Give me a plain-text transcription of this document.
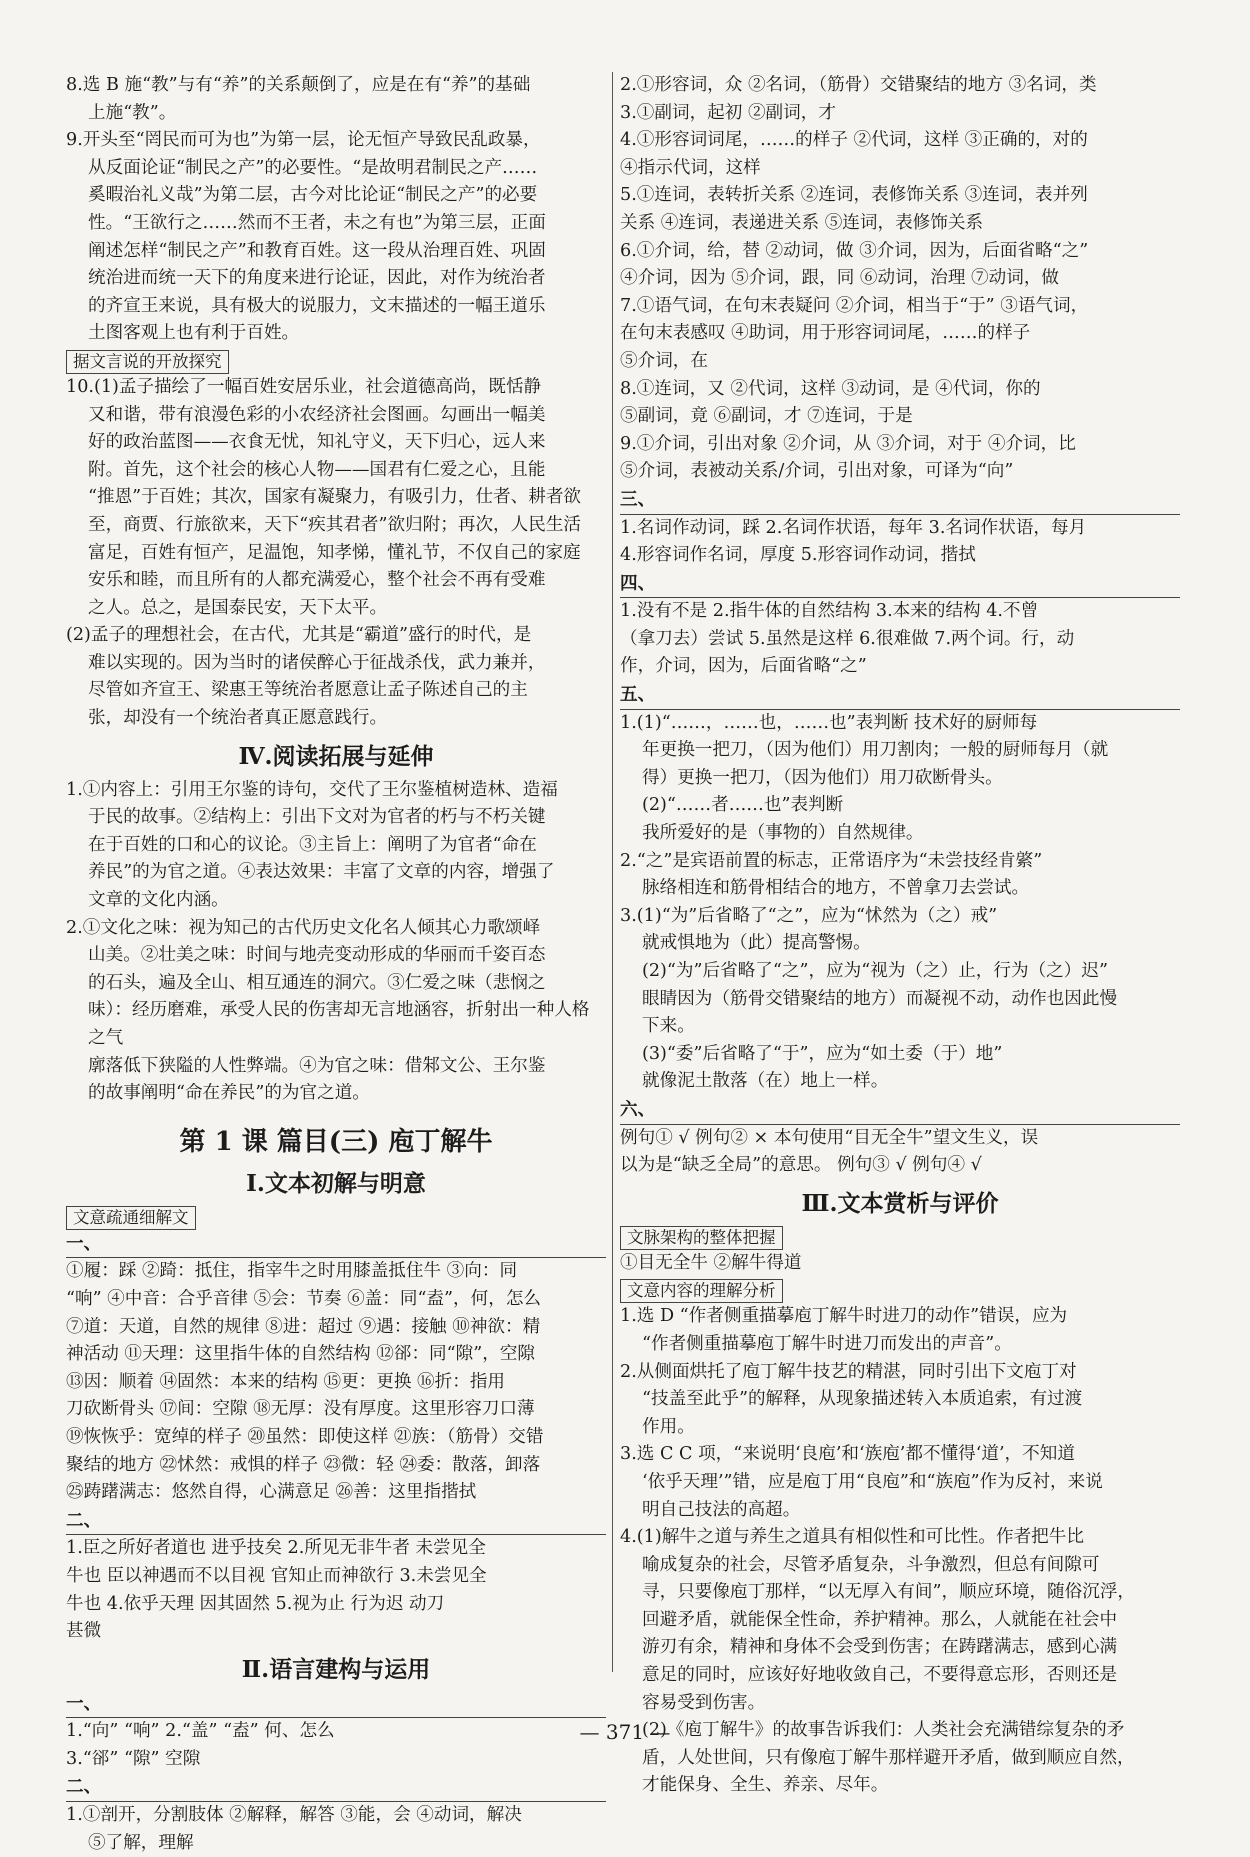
8.选 B 施“教”与有“养”的关系颠倒了，应是在有“养”的基础

上施“教”。

9.开头至“罔民而可为也”为第一层，论无恒产导致民乱政暴，

从反面论证“制民之产”的必要性。“是故明君制民之产……

奚暇治礼义哉”为第二层，古今对比论证“制民之产”的必要

性。“王欲行之……然而不王者，未之有也”为第三层，正面

阐述怎样“制民之产”和教育百姓。这一段从治理百姓、巩固

统治进而统一天下的角度来进行论证，因此，对作为统治者

的齐宣王来说，具有极大的说服力，文末描述的一幅王道乐

土图客观上也有利于百姓。

据文言说的开放探究

10.(1)孟子描绘了一幅百姓安居乐业，社会道德高尚，既恬静

又和谐，带有浪漫色彩的小农经济社会图画。勾画出一幅美

好的政治蓝图——衣食无忧，知礼守义，天下归心，远人来

附。首先，这个社会的核心人物——国君有仁爱之心，且能

“推恩”于百姓；其次，国家有凝聚力，有吸引力，仕者、耕者欲

至，商贾、行旅欲来，天下“疾其君者”欲归附；再次，人民生活

富足，百姓有恒产，足温饱，知孝悌，懂礼节，不仅自己的家庭

安乐和睦，而且所有的人都充满爱心，整个社会不再有受难

之人。总之，是国泰民安，天下太平。

(2)孟子的理想社会，在古代，尤其是“霸道”盛行的时代，是

难以实现的。因为当时的诸侯醉心于征战杀伐，武力兼并，

尽管如齐宣王、梁惠王等统治者愿意让孟子陈述自己的主

张，却没有一个统治者真正愿意践行。

Ⅳ.阅读拓展与延伸

1.①内容上：引用王尔鉴的诗句，交代了王尔鉴植树造林、造福

于民的故事。②结构上：引出下文对为官者的朽与不朽关键

在于百姓的口和心的议论。③主旨上：阐明了为官者“命在

养民”的为官之道。④表达效果：丰富了文章的内容，增强了

文章的文化内涵。

2.①文化之味：视为知己的古代历史文化名人倾其心力歌颂峄

山美。②壮美之味：时间与地壳变动形成的华丽而千姿百态

的石头，遍及全山、相互通连的洞穴。③仁爱之味（悲悯之

味）：经历磨难，承受人民的伤害却无言地涵容，折射出一种人格之气

廓落低下狭隘的人性弊端。④为官之味：借邾文公、王尔鉴

的故事阐明“命在养民”的为官之道。

第 1 课 篇目(三) 庖丁解牛
Ⅰ.文本初解与明意
文意疏通细解文
一、

①履：踩 ②踦：抵住，指宰牛之时用膝盖抵住牛 ③向：同

“响” ④中音：合乎音律 ⑤会：节奏 ⑥盖：同“盍”，何，怎么

⑦道：天道，自然的规律 ⑧进：超过 ⑨遇：接触 ⑩神欲：精

神活动 ⑪天理：这里指牛体的自然结构 ⑫郤：同“隙”，空隙

⑬因：顺着 ⑭固然：本来的结构 ⑮更：更换 ⑯折：指用

刀砍断骨头 ⑰间：空隙 ⑱无厚：没有厚度。这里形容刀口薄

⑲恢恢乎：宽绰的样子 ⑳虽然：即使这样 ㉑族：（筋骨）交错

聚结的地方 ㉒怵然：戒惧的样子 ㉓微：轻 ㉔委：散落，卸落

㉕踌躇满志：悠然自得，心满意足 ㉖善：这里指揩拭

二、

1.臣之所好者道也 进乎技矣 2.所见无非牛者 未尝见全

牛也 臣以神遇而不以目视 官知止而神欲行 3.未尝见全

牛也 4.依乎天理 因其固然 5.视为止 行为迟 动刀

甚微

Ⅱ.语言建构与运用
一、

1.“向” “响” 2.“盖” “盍” 何、怎么

3.“郤” “隙” 空隙

二、

1.①剖开，分割肢体 ②解释，解答 ③能，会 ④动词，解决

⑤了解，理解

2.①形容词，众 ②名词，（筋骨）交错聚结的地方 ③名词，类

3.①副词，起初 ②副词，才

4.①形容词词尾，……的样子 ②代词，这样 ③正确的，对的

④指示代词，这样

5.①连词，表转折关系 ②连词，表修饰关系 ③连词，表并列

关系 ④连词，表递进关系 ⑤连词，表修饰关系

6.①介词，给，替 ②动词，做 ③介词，因为，后面省略“之”

④介词，因为 ⑤介词，跟，同 ⑥动词，治理 ⑦动词，做

7.①语气词，在句末表疑问 ②介词，相当于“于” ③语气词，

在句末表感叹 ④助词，用于形容词词尾，……的样子

⑤介词，在

8.①连词，又 ②代词，这样 ③动词，是 ④代词，你的

⑤副词，竟 ⑥副词，才 ⑦连词，于是

9.①介词，引出对象 ②介词，从 ③介词，对于 ④介词，比

⑤介词，表被动关系/介词，引出对象，可译为“向”

三、

1.名词作动词，踩 2.名词作状语，每年 3.名词作状语，每月

4.形容词作名词，厚度 5.形容词作动词，揩拭

四、

1.没有不是 2.指牛体的自然结构 3.本来的结构 4.不曾

（拿刀去）尝试 5.虽然是这样 6.很难做 7.两个词。行，动

作，介词，因为，后面省略“之”

五、

1.(1)“……，……也，……也”表判断 技术好的厨师每

年更换一把刀，（因为他们）用刀割肉；一般的厨师每月（就

得）更换一把刀，（因为他们）用刀砍断骨头。

(2)“……者……也”表判断

我所爱好的是（事物的）自然规律。

2.“之”是宾语前置的标志，正常语序为“未尝技经肯綮”

脉络相连和筋骨相结合的地方，不曾拿刀去尝试。

3.(1)“为”后省略了“之”，应为“怵然为（之）戒”

就戒惧地为（此）提高警惕。

(2)“为”后省略了“之”，应为“视为（之）止，行为（之）迟”

眼睛因为（筋骨交错聚结的地方）而凝视不动，动作也因此慢

下来。

(3)“委”后省略了“于”，应为“如土委（于）地”

就像泥土散落（在）地上一样。

六、

例句① √ 例句② × 本句使用“目无全牛”望文生义，误

以为是“缺乏全局”的意思。 例句③ √ 例句④ √

Ⅲ.文本赏析与评价
文脉架构的整体把握

①目无全牛 ②解牛得道

文意内容的理解分析

1.选 D “作者侧重描摹庖丁解牛时进刀的动作”错误，应为

“作者侧重描摹庖丁解牛时进刀而发出的声音”。

2.从侧面烘托了庖丁解牛技艺的精湛，同时引出下文庖丁对

“技盖至此乎”的解释，从现象描述转入本质追索，有过渡

作用。

3.选 C C 项，“来说明‘良庖’和‘族庖’都不懂得‘道’，不知道

‘依乎天理’”错，应是庖丁用“良庖”和“族庖”作为反衬，来说

明自己技法的高超。

4.(1)解牛之道与养生之道具有相似性和可比性。作者把牛比

喻成复杂的社会，尽管矛盾复杂，斗争激烈，但总有间隙可

寻，只要像庖丁那样，“以无厚入有间”，顺应环境，随俗沉浮，

回避矛盾，就能保全性命，养护精神。那么，人就能在社会中

游刃有余，精神和身体不会受到伤害；在踌躇满志，感到心满

意足的同时，应该好好地收敛自己，不要得意忘形，否则还是

容易受到伤害。

(2)《庖丁解牛》的故事告诉我们：人类社会充满错综复杂的矛

盾，人处世间，只有像庖丁解牛那样避开矛盾，做到顺应自然，

才能保身、全生、养亲、尽年。

— 371 —
